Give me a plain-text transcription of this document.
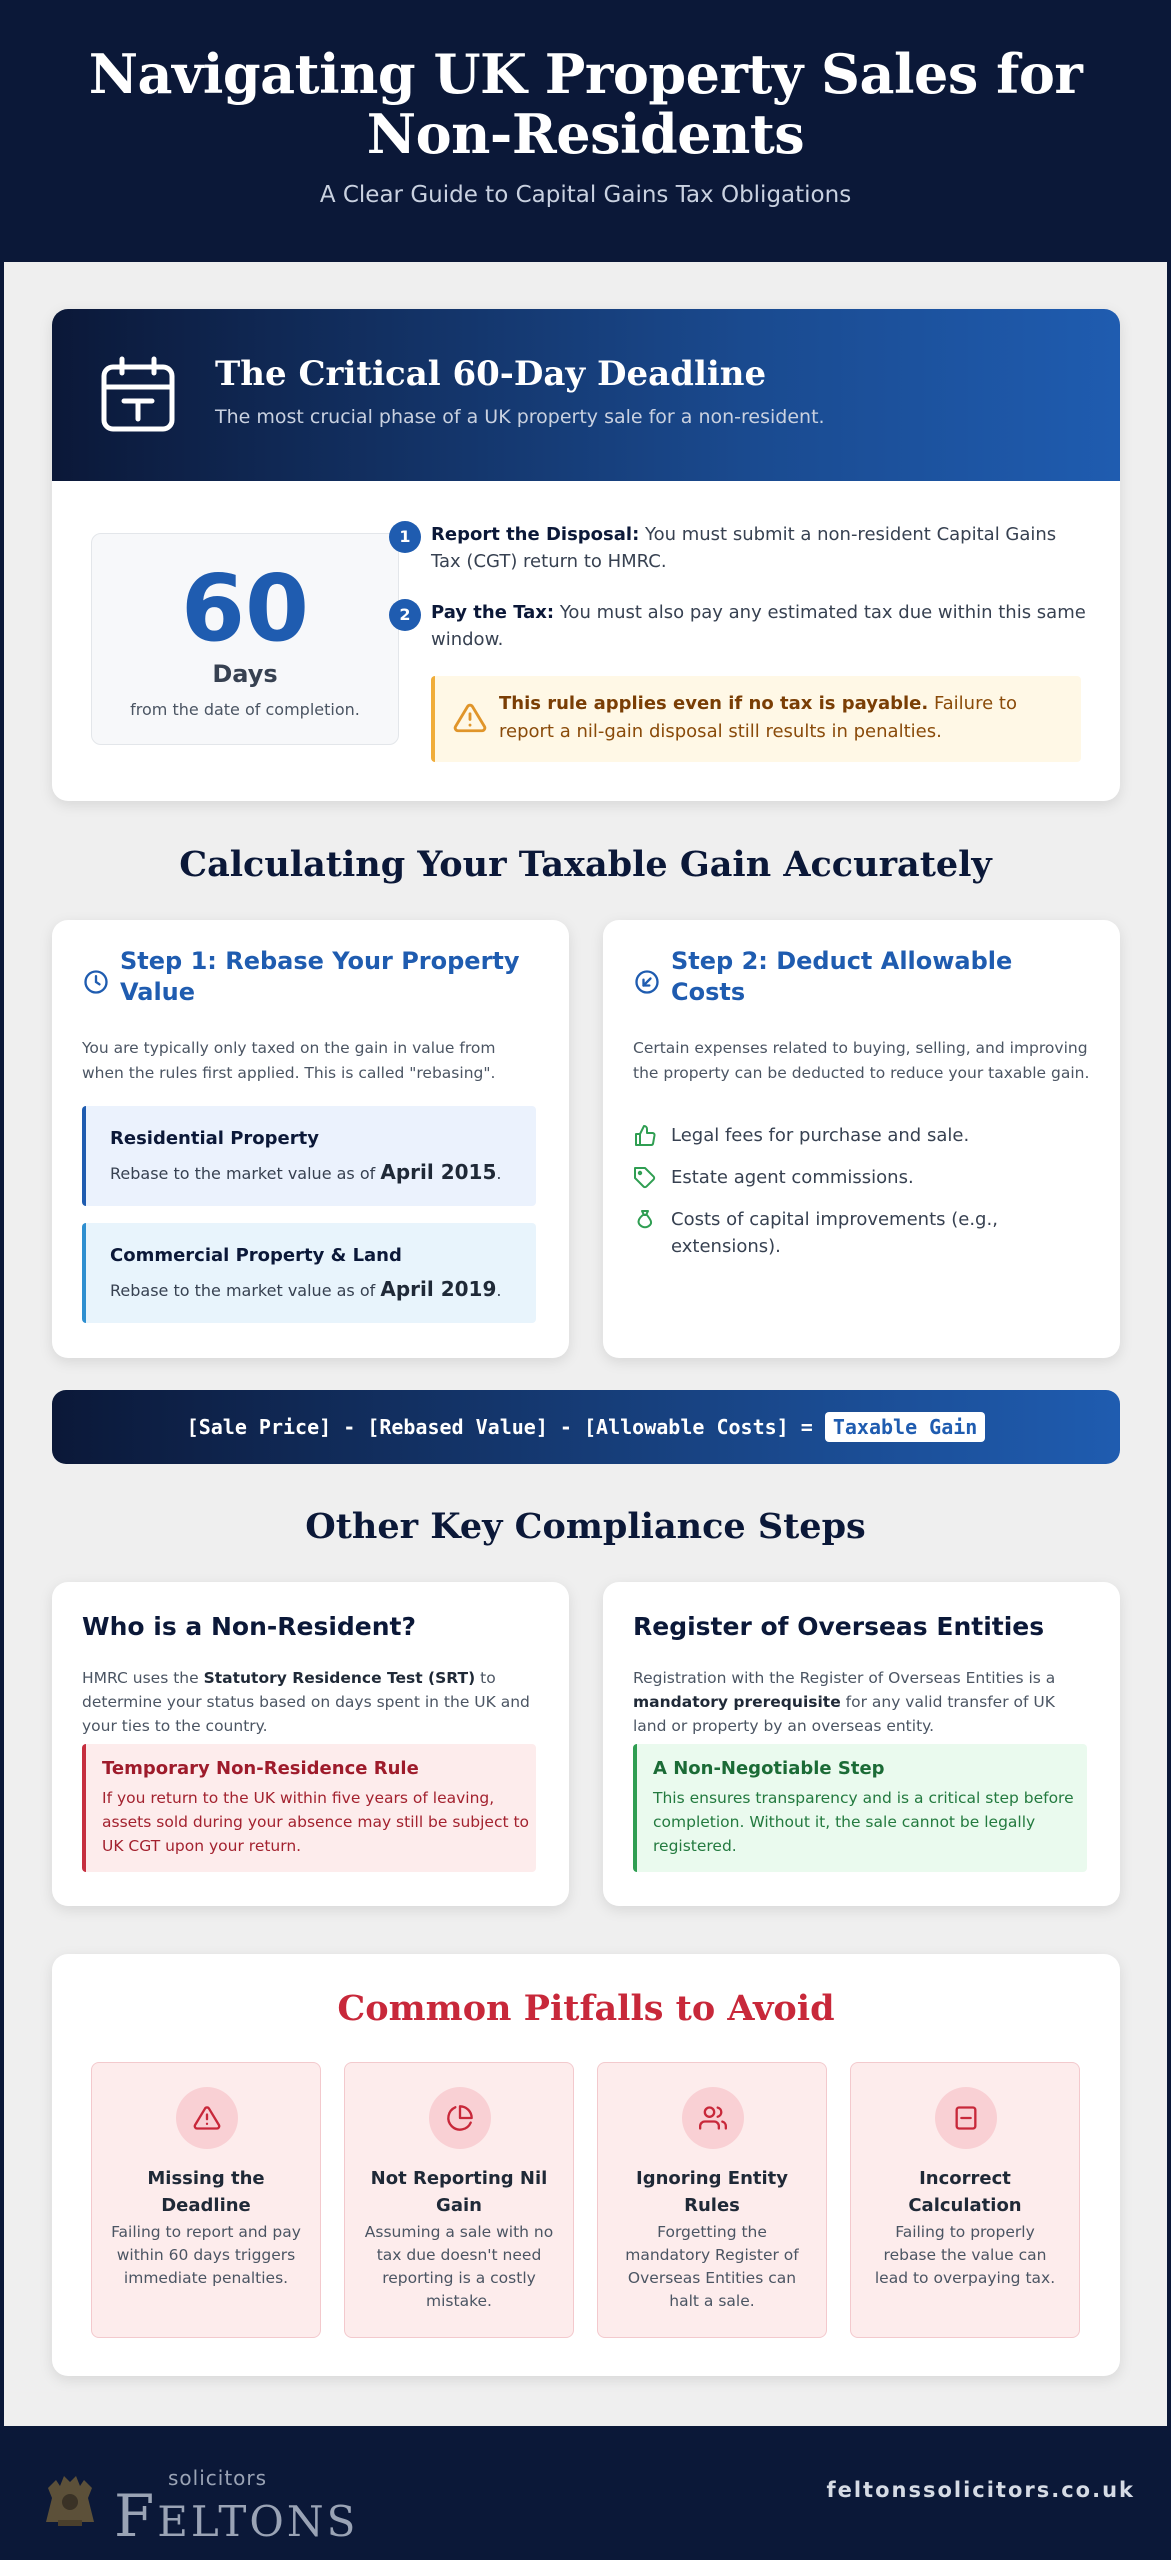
Navigating UK Property Sales for
Non-Residents
A Clear Guide to Capital Gains Tax Obligations
The Critical 60-Day Deadline
The most crucial phase of a UK property sale for a non-resident.
60
Days
from the date of completion.
1	Report the Disposal: You must submit a non-resident Capital Gains Tax (CGT) return to HMRC.
2	Pay the Tax: You must also pay any estimated tax due within this same window.
This rule applies even if no tax is payable. Failure to report a nil-gain disposal still results in penalties.
Calculating Your Taxable Gain Accurately
Step 1: Rebase Your Property Value
You are typically only taxed on the gain in value from when the rules first applied. This is called "rebasing".
Residential Property
Rebase to the market value as of April 2015.
Commercial Property & Land
Rebase to the market value as of April 2019.
Step 2: Deduct Allowable Costs
Certain expenses related to buying, selling, and improving the property can be deducted to reduce your taxable gain.
Legal fees for purchase and sale.
Estate agent commissions.
Costs of capital improvements (e.g., extensions).
[Sale Price] - [Rebased Value] - [Allowable Costs] = Taxable Gain
Other Key Compliance Steps
Who is a Non-Resident?
HMRC uses the Statutory Residence Test (SRT) to determine your status based on days spent in the UK and your ties to the country.
Temporary Non-Residence Rule
If you return to the UK within five years of leaving, assets sold during your absence may still be subject to UK CGT upon your return.
Register of Overseas Entities
Registration with the Register of Overseas Entities is a mandatory prerequisite for any valid transfer of UK land or property by an overseas entity.
A Non-Negotiable Step
This ensures transparency and is a critical step before completion. Without it, the sale cannot be legally registered.
Common Pitfalls to Avoid
Missing the Deadline
Failing to report and pay within 60 days triggers immediate penalties.
Not Reporting Nil Gain
Assuming a sale with no tax due doesn't need reporting is a costly mistake.
Ignoring Entity Rules
Forgetting the mandatory Register of Overseas Entities can halt a sale.
Incorrect Calculation
Failing to properly rebase the value can lead to overpaying tax.
solicitors
FELTONS
feltonssolicitors.co.uk
